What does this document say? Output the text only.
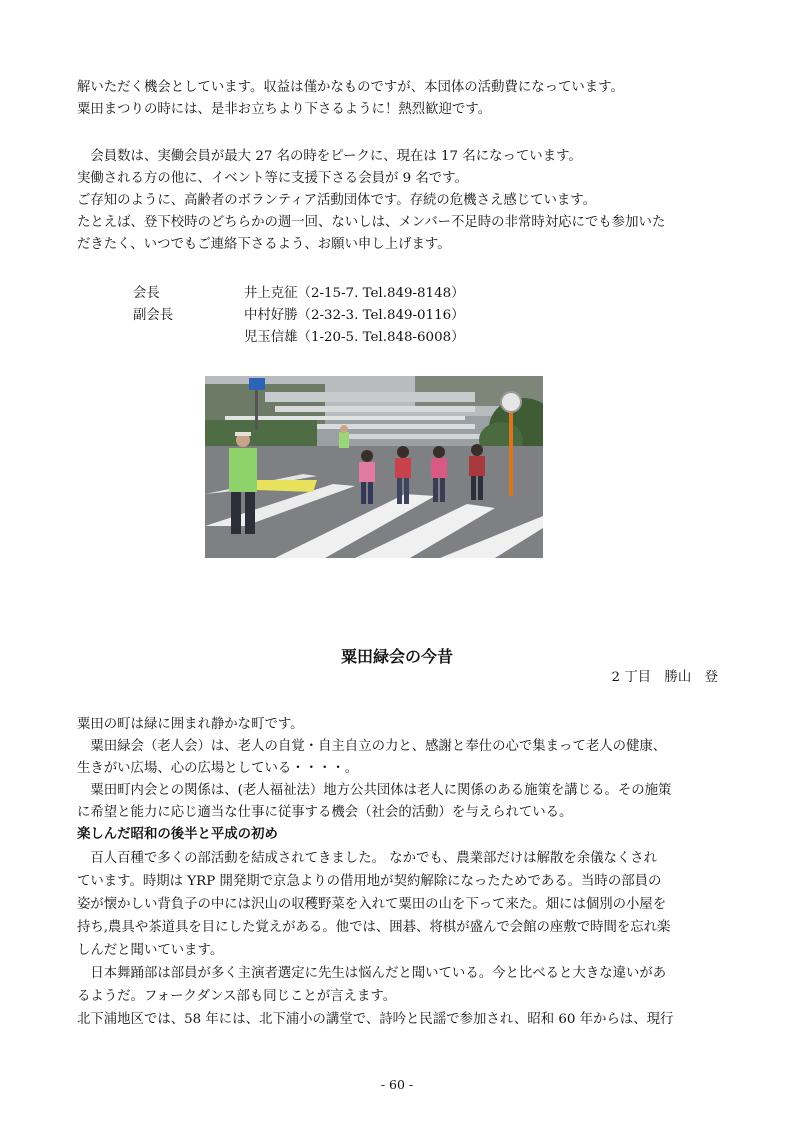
解いただく機会としています。収益は僅かなものですが、本団体の活動費になっています。
粟田まつりの時には、是非お立ちより下さるように！熱烈歓迎です。
　会員数は、実働会員が最大 27 名の時をピークに、現在は 17 名になっています。
実働される方の他に、イベント等に支援下さる会員が 9 名です。
ご存知のように、高齢者のボランティア活動団体です。存続の危機さえ感じています。
たとえば、登下校時のどちらかの週一回、ないしは、メンバー不足時の非常時対応にでも参加いた
だきたく、いつでもご連絡下さるよう、お願い申し上げます。
会長	井上克征（2-15-7. Tel.849-8148）
副会長	中村好勝（2-32-3. Tel.849-0116）
児玉信雄（1-20-5. Tel.848-6008）
粟田緑会の今昔
2 丁目　勝山　登
粟田の町は緑に囲まれ静かな町です。
　粟田緑会（老人会）は、老人の自覚・自主自立の力と、感謝と奉仕の心で集まって老人の健康、
生きがい広場、心の広場としている・・・・。
　粟田町内会との関係は、(老人福祉法）地方公共団体は老人に関係のある施策を講じる。その施策
に希望と能力に応じ適当な仕事に従事する機会（社会的活動）を与えられている。
楽しんだ昭和の後半と平成の初め
　百人百種で多くの部活動を結成されてきました。 なかでも、農業部だけは解散を余儀なくされ
ています。時期は YRP 開発期で京急よりの借用地が契約解除になったためである。当時の部員の
姿が懐かしい背負子の中には沢山の収穫野菜を入れて粟田の山を下って来た。畑には個別の小屋を
持ち,農具や茶道具を目にした覚えがある。他では、囲碁、将棋が盛んで会館の座敷で時間を忘れ楽
しんだと聞いています。
　日本舞踊部は部員が多く主演者選定に先生は悩んだと聞いている。今と比べると大きな違いがあ
るようだ。フォークダンス部も同じことが言えます。
北下浦地区では、58 年には、北下浦小の講堂で、詩吟と民謡で参加され、昭和 60 年からは、現行
- 60 -
